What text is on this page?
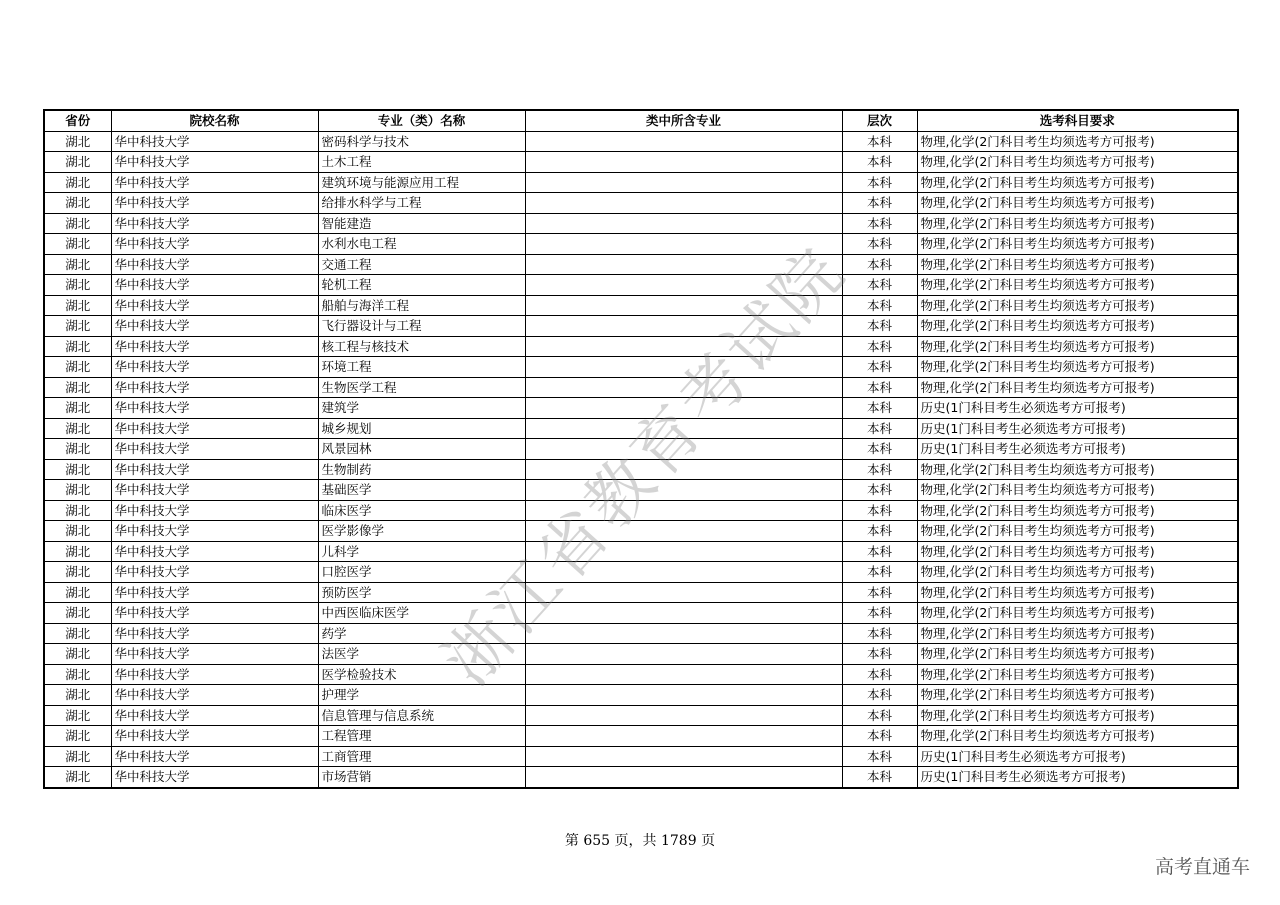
省份	院校名称	专业（类）名称	类中所含专业	层次	选考科目要求
湖北	华中科技大学	密码科学与技术		本科	物理,化学(2门科目考生均须选考方可报考)
湖北	华中科技大学	土木工程		本科	物理,化学(2门科目考生均须选考方可报考)
湖北	华中科技大学	建筑环境与能源应用工程		本科	物理,化学(2门科目考生均须选考方可报考)
湖北	华中科技大学	给排水科学与工程		本科	物理,化学(2门科目考生均须选考方可报考)
湖北	华中科技大学	智能建造		本科	物理,化学(2门科目考生均须选考方可报考)
湖北	华中科技大学	水利水电工程		本科	物理,化学(2门科目考生均须选考方可报考)
湖北	华中科技大学	交通工程		本科	物理,化学(2门科目考生均须选考方可报考)
湖北	华中科技大学	轮机工程		本科	物理,化学(2门科目考生均须选考方可报考)
湖北	华中科技大学	船舶与海洋工程		本科	物理,化学(2门科目考生均须选考方可报考)
湖北	华中科技大学	飞行器设计与工程		本科	物理,化学(2门科目考生均须选考方可报考)
湖北	华中科技大学	核工程与核技术		本科	物理,化学(2门科目考生均须选考方可报考)
湖北	华中科技大学	环境工程		本科	物理,化学(2门科目考生均须选考方可报考)
湖北	华中科技大学	生物医学工程		本科	物理,化学(2门科目考生均须选考方可报考)
湖北	华中科技大学	建筑学		本科	历史(1门科目考生必须选考方可报考)
湖北	华中科技大学	城乡规划		本科	历史(1门科目考生必须选考方可报考)
湖北	华中科技大学	风景园林		本科	历史(1门科目考生必须选考方可报考)
湖北	华中科技大学	生物制药		本科	物理,化学(2门科目考生均须选考方可报考)
湖北	华中科技大学	基础医学		本科	物理,化学(2门科目考生均须选考方可报考)
湖北	华中科技大学	临床医学		本科	物理,化学(2门科目考生均须选考方可报考)
湖北	华中科技大学	医学影像学		本科	物理,化学(2门科目考生均须选考方可报考)
湖北	华中科技大学	儿科学		本科	物理,化学(2门科目考生均须选考方可报考)
湖北	华中科技大学	口腔医学		本科	物理,化学(2门科目考生均须选考方可报考)
湖北	华中科技大学	预防医学		本科	物理,化学(2门科目考生均须选考方可报考)
湖北	华中科技大学	中西医临床医学		本科	物理,化学(2门科目考生均须选考方可报考)
湖北	华中科技大学	药学		本科	物理,化学(2门科目考生均须选考方可报考)
湖北	华中科技大学	法医学		本科	物理,化学(2门科目考生均须选考方可报考)
湖北	华中科技大学	医学检验技术		本科	物理,化学(2门科目考生均须选考方可报考)
湖北	华中科技大学	护理学		本科	物理,化学(2门科目考生均须选考方可报考)
湖北	华中科技大学	信息管理与信息系统		本科	物理,化学(2门科目考生均须选考方可报考)
湖北	华中科技大学	工程管理		本科	物理,化学(2门科目考生均须选考方可报考)
湖北	华中科技大学	工商管理		本科	历史(1门科目考生必须选考方可报考)
湖北	华中科技大学	市场营销		本科	历史(1门科目考生必须选考方可报考)
浙江省教育考试院
第 655 页，共 1789 页
高考直通车
